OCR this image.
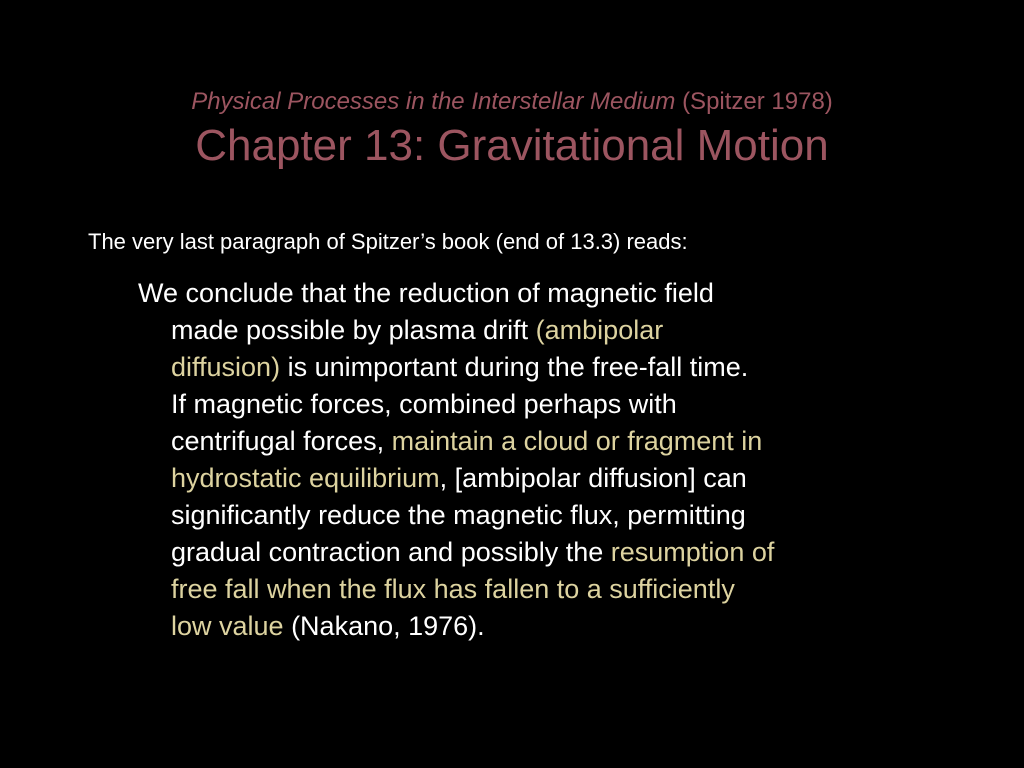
Physical Processes in the Interstellar Medium (Spitzer 1978)
Chapter 13: Gravitational Motion
The very last paragraph of Spitzer’s book (end of 13.3) reads:
We conclude that the reduction of magnetic field
made possible by plasma drift (ambipolar
diffusion) is unimportant during the free-fall time.
If magnetic forces, combined perhaps with
centrifugal forces, maintain a cloud or fragment in
hydrostatic equilibrium, [ambipolar diffusion] can
significantly reduce the magnetic flux, permitting
gradual contraction and possibly the resumption of
free fall when the flux has fallen to a sufficiently
low value (Nakano, 1976).
